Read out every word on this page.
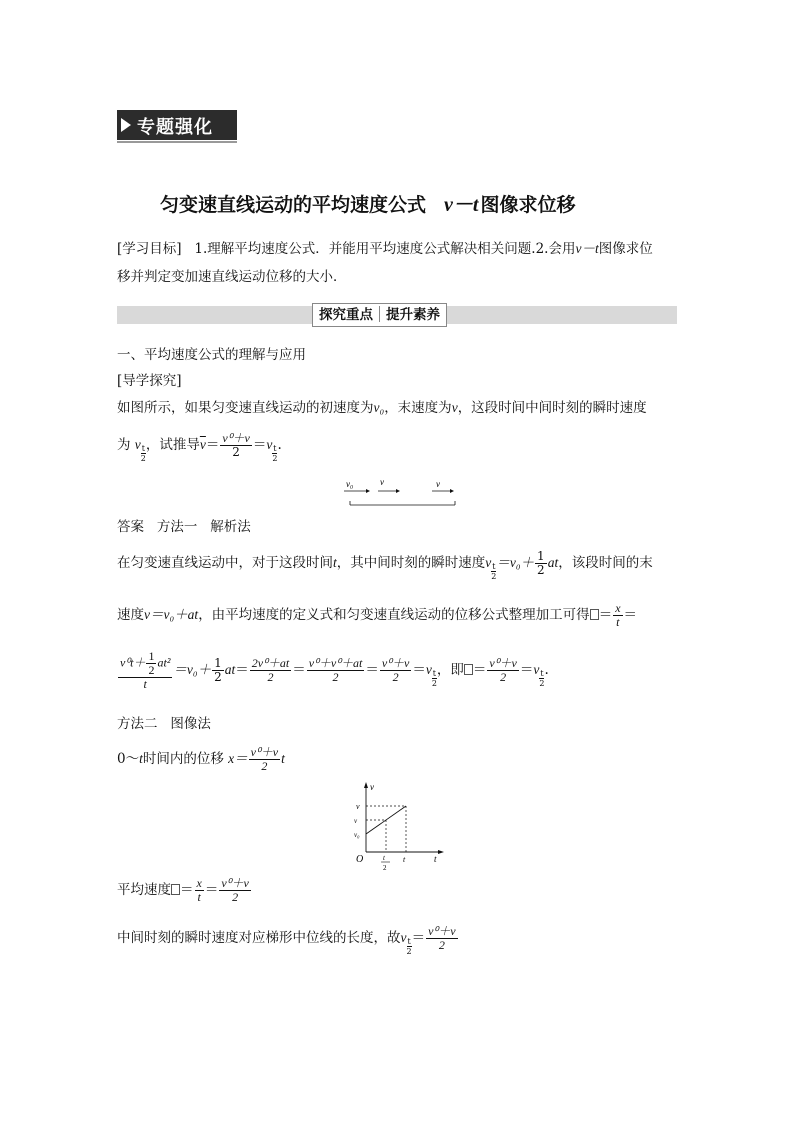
专题强化
匀变速直线运动的平均速度公式 v－t 图像求位移
[学习目标] 1.理解平均速度公式．并能用平均速度公式解决相关问题.2.会用v－t图像求位
移并判定变加速直线运动位移的大小．
探究重点 提升素养
一、平均速度公式的理解与应用
[导学探究]
如图所示，如果匀变速直线运动的初速度为v₀，末速度为v，这段时间中间时刻的瞬时速度
为 v $\frac{t}{2}$，试推导$\overline{v}= \frac{\text{v⁰＋v}}{2} =v \frac{t}{2}$.
v₀	v	v
答案 方法一 解析法
在匀变速直线运动中，对于这段时间t，其中间时刻的瞬时速度v $\frac{t}{2}=v_0+ \frac{1}{2}$ at，该段时间的末
速度v＝v₀＋at，由平均速度的定义式和匀变速直线运动的位移公式整理加工可得 ＝ $\frac{x}{t}$ ＝
$\frac{v^0t+ \frac{1}{2} at^2}{t} =v_0+ \frac{1}{2} at= \frac{\text{2v⁰＋at}}{2} = \frac{\text{v⁰＋v⁰＋at}}{2} = \frac{\text{v⁰＋v}}{2} =v \frac{t}{2}$，即 ＝ $\frac{\text{v⁰＋v}}{2} =v \frac{t}{2}$.
方法二 图像法
0～t时间内的位移 $x= \frac{\text{v⁰＋v}}{2}$ t
v
t
O
v
v
v₀
t
2
t
平均速度 ＝ $\frac{x}{t} = \frac{\text{v⁰＋v}}{2}$
中间时刻的瞬时速度对应梯形中位线的长度，故v $\frac{t}{2}= \frac{\text{v⁰＋v}}{2}$
